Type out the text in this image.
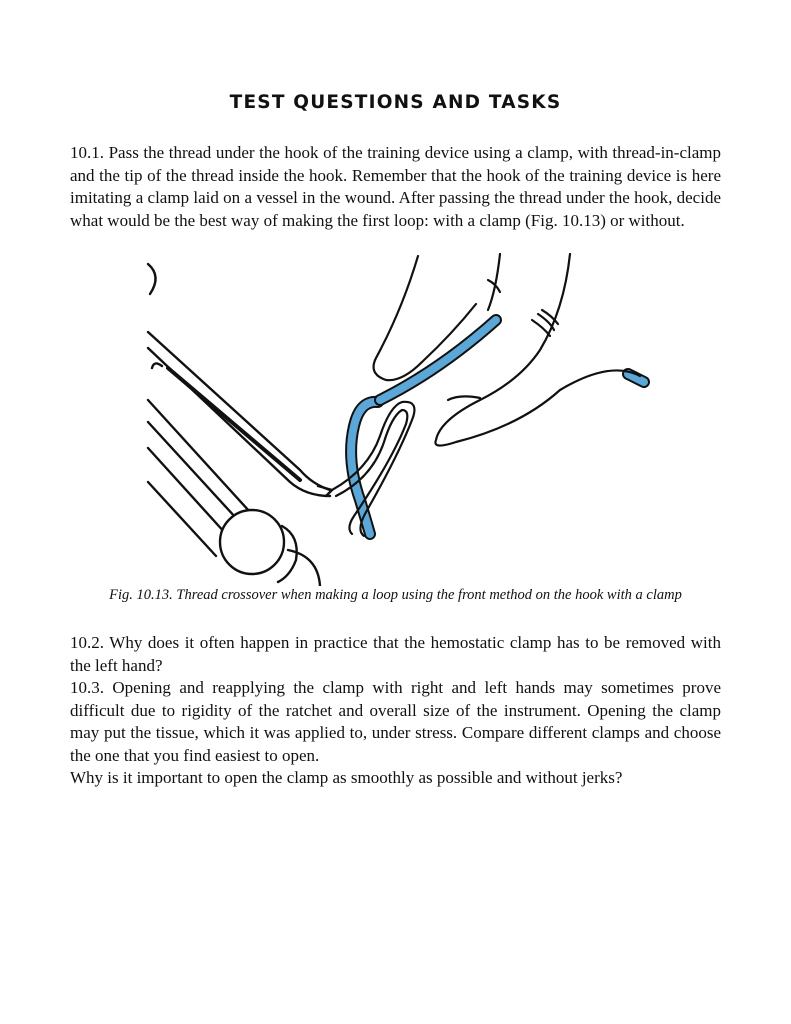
TEST QUESTIONS AND TASKS

10.1. Pass the thread under the hook of the training device using a clamp, with thread-in-clamp and the tip of the thread inside the hook. Remember that the hook of the training device is here imitating a clamp laid on a vessel in the wound. After passing the thread under the hook, decide what would be the best way of making the first loop: with a clamp (Fig. 10.13) or without.

Fig. 10.13. Thread crossover when making a loop using the front method on the hook with a clamp

10.2. Why does it often happen in practice that the hemostatic clamp has to be removed with the left hand?

10.3. Opening and reapplying the clamp with right and left hands may sometimes prove difficult due to rigidity of the ratchet and overall size of the instrument. Opening the clamp may put the tissue, which it was applied to, under stress. Compare different clamps and choose the one that you find easiest to open.

Why is it important to open the clamp as smoothly as possible and without jerks?
